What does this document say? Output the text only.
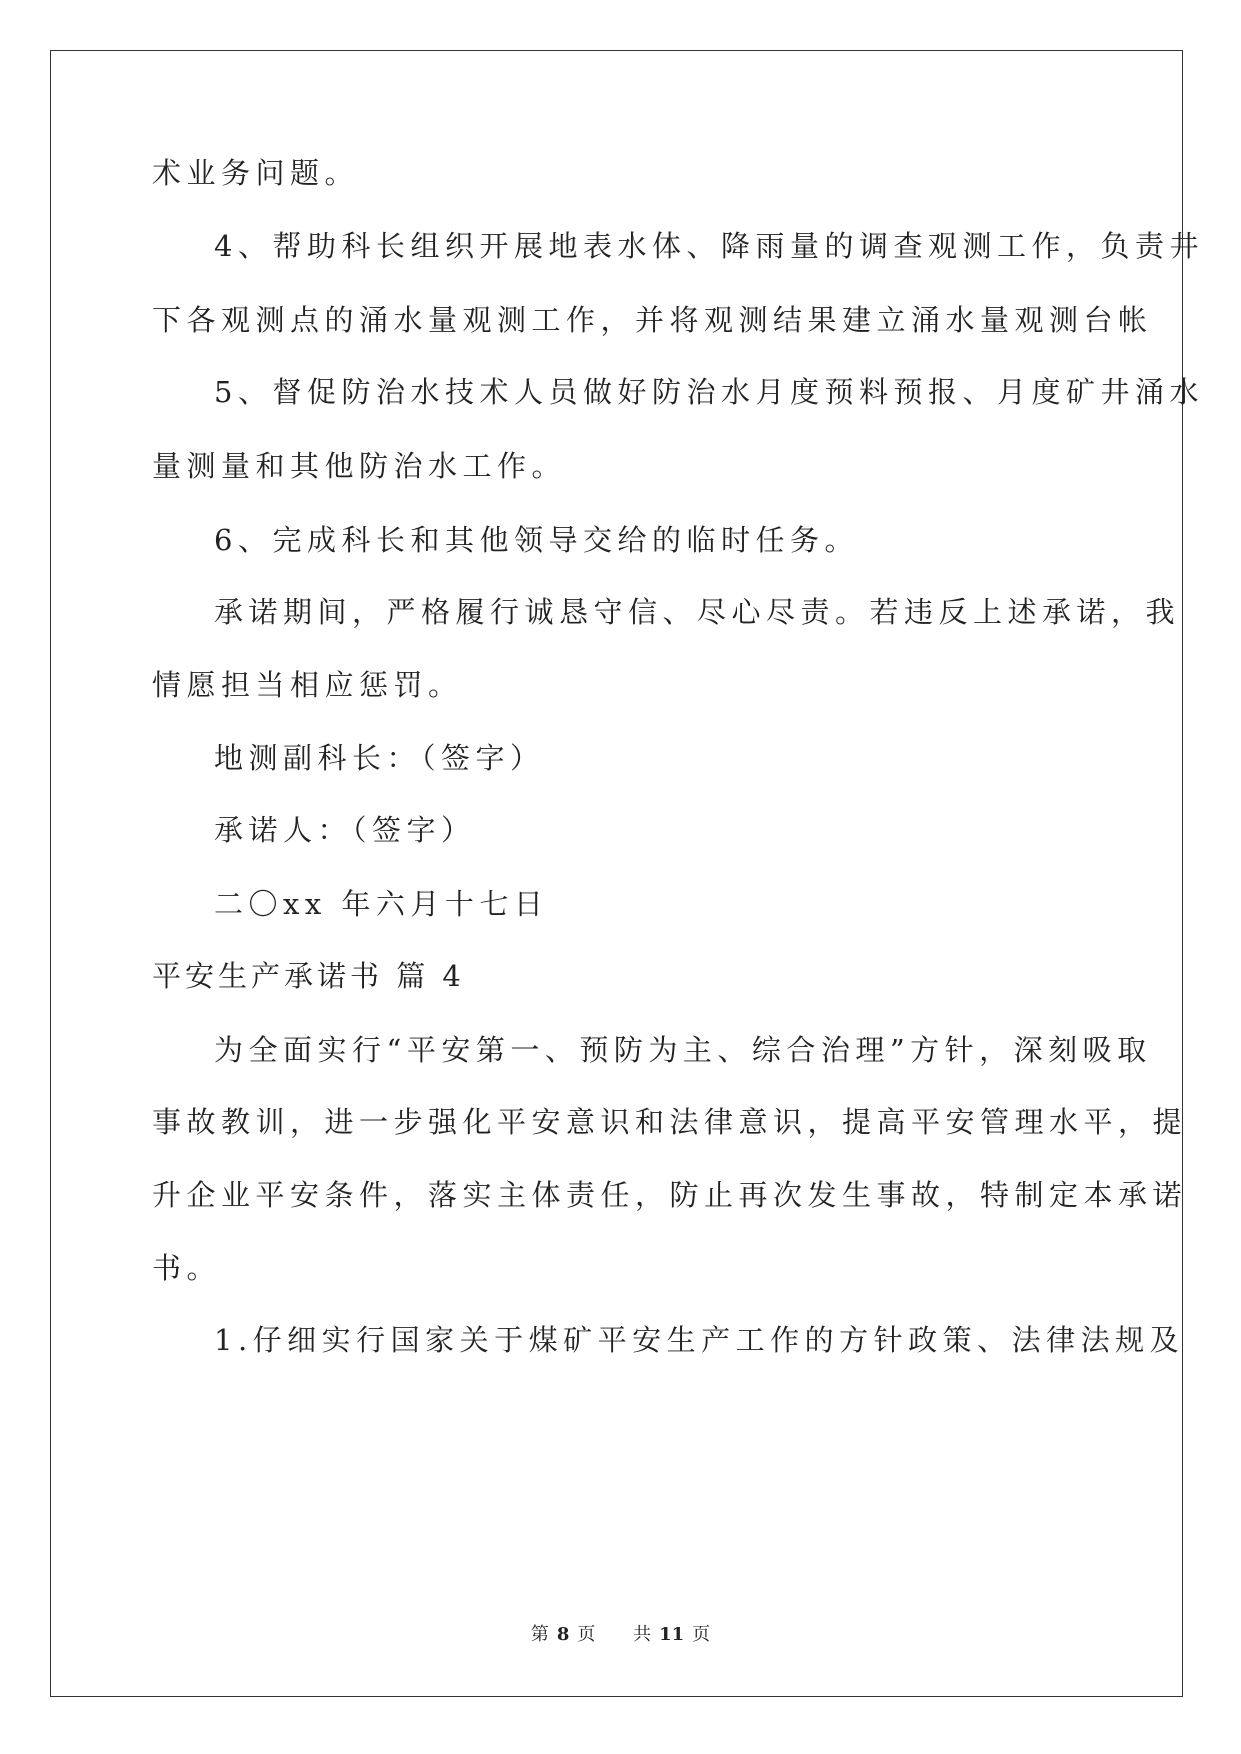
术业务问题。
4、帮助科长组织开展地表水体、降雨量的调查观测工作，负责井
下各观测点的涌水量观测工作，并将观测结果建立涌水量观测台帐
5、督促防治水技术人员做好防治水月度预料预报、月度矿井涌水
量测量和其他防治水工作。
6、完成科长和其他领导交给的临时任务。
承诺期间，严格履行诚恳守信、尽心尽责。若违反上述承诺，我
情愿担当相应惩罚。
地测副科长：（签字）
承诺人：（签字）
二〇xx 年六月十七日
平安生产承诺书 篇 4
为全面实行“平安第一、预防为主、综合治理”方针，深刻吸取
事故教训，进一步强化平安意识和法律意识，提高平安管理水平，提
升企业平安条件，落实主体责任，防止再次发生事故，特制定本承诺
书。
1.仔细实行国家关于煤矿平安生产工作的方针政策、法律法规及
第 8 页 共 11 页
